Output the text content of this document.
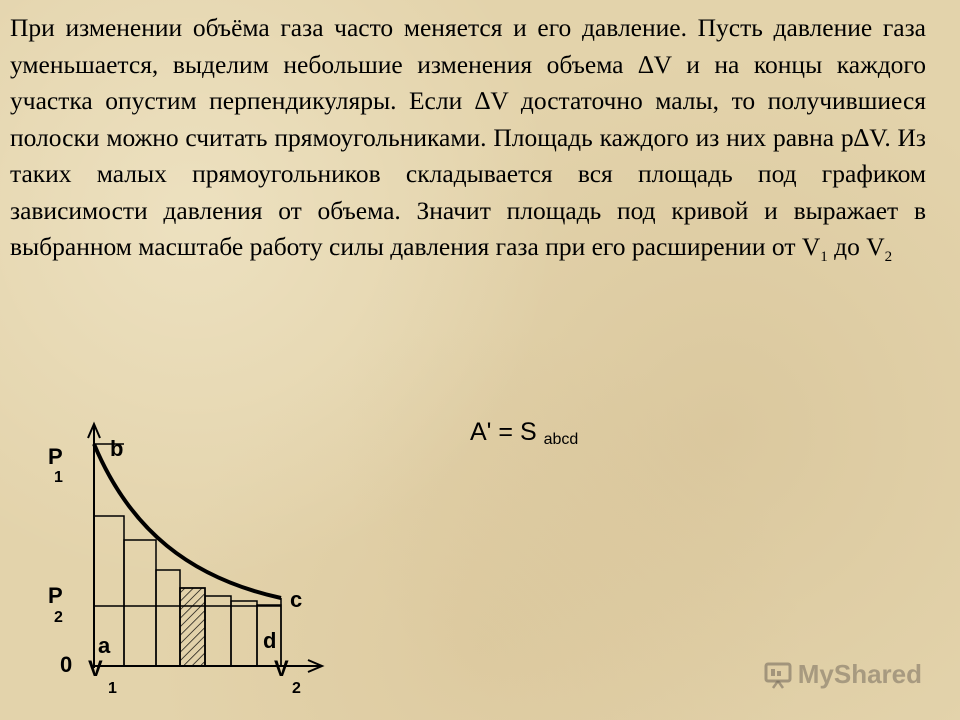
При изменении объёма газа часто меняется и его давление. Пусть давление газа уменьшается, выделим небольшие изменения объема ∆V и на концы каждого участка опустим перпендикуляры. Если ∆V достаточно малы, то получившиеся полоски можно считать прямоугольниками. Площадь каждого из них равна p∆V. Из таких малых прямоугольников складывается вся площадь под графиком зависимости давления от объема. Значит площадь под кривой и выражает в выбранном масштабе работу силы давления газа при его расширении от $V_1$ до $V_2$

A' = S abcd
P
1
P
2
0 V
1
V
2
a
b
c
d
MyShared
